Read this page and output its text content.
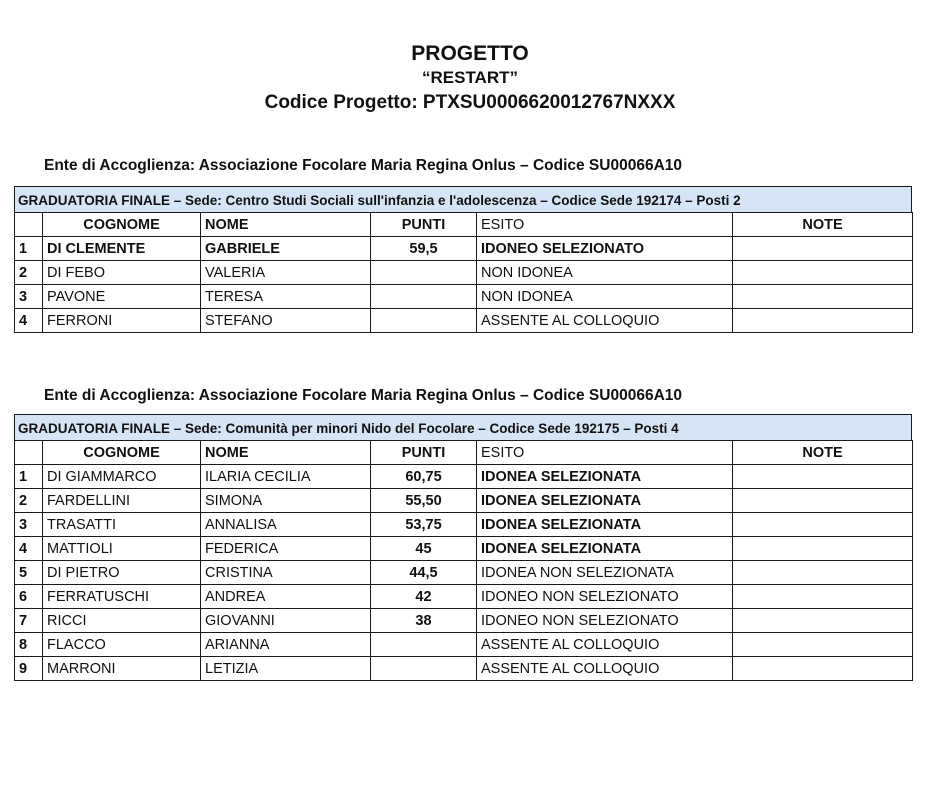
PROGETTO
“RESTART”
Codice Progetto: PTXSU0006620012767NXXX
Ente di Accoglienza: Associazione Focolare Maria Regina Onlus – Codice SU00066A10
GRADUATORIA FINALE – Sede: Centro Studi Sociali sull'infanzia e l'adolescenza – Codice Sede 192174 – Posti 2
	COGNOME	NOME	PUNTI	ESITO	NOTE
1	DI CLEMENTE	GABRIELE	59,5	IDONEO SELEZIONATO	
2	DI FEBO	VALERIA		NON IDONEA	
3	PAVONE	TERESA		NON IDONEA	
4	FERRONI	STEFANO		ASSENTE AL COLLOQUIO	
Ente di Accoglienza: Associazione Focolare Maria Regina Onlus – Codice SU00066A10
GRADUATORIA FINALE – Sede: Comunità per minori Nido del Focolare – Codice Sede 192175 – Posti 4
	COGNOME	NOME	PUNTI	ESITO	NOTE
1	DI GIAMMARCO	ILARIA CECILIA	60,75	IDONEA SELEZIONATA	
2	FARDELLINI	SIMONA	55,50	IDONEA SELEZIONATA	
3	TRASATTI	ANNALISA	53,75	IDONEA SELEZIONATA	
4	MATTIOLI	FEDERICA	45	IDONEA SELEZIONATA	
5	DI PIETRO	CRISTINA	44,5	IDONEA NON SELEZIONATA	
6	FERRATUSCHI	ANDREA	42	IDONEO NON SELEZIONATO	
7	RICCI	GIOVANNI	38	IDONEO NON SELEZIONATO	
8	FLACCO	ARIANNA		ASSENTE AL COLLOQUIO	
9	MARRONI	LETIZIA		ASSENTE AL COLLOQUIO	
